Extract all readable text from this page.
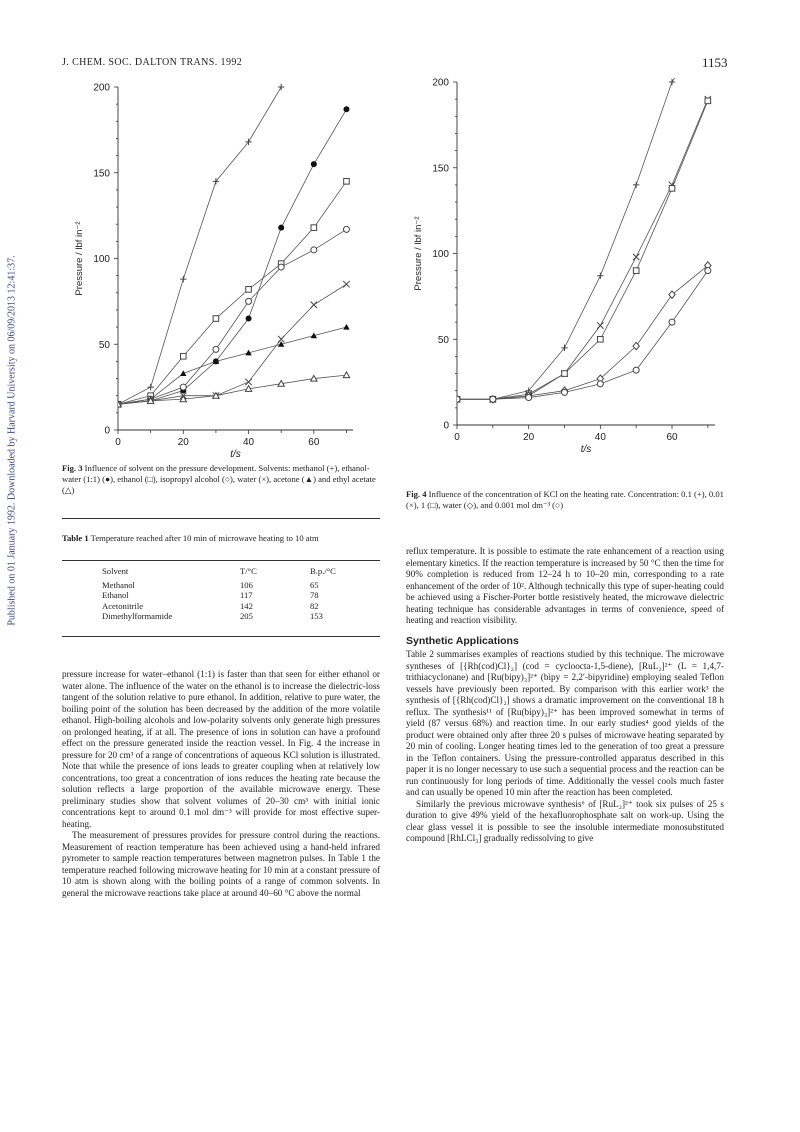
J. CHEM. SOC. DALTON TRANS. 1992	1153
Published on 01 January 1992. Downloaded by Harvard University on 06/09/2013 12:41:37.	0
50
100
150
200
0	20	40	60
t/s
Pressure / lbf in⁻²
Fig. 3 Influence of solvent on the pressure development. Solvents: methanol (+), ethanol-water (1:1) (●), ethanol (□), isopropyl alcohol (○), water (×), acetone (▲) and ethyl acetate (△)
Table 1 Temperature reached after 10 min of microwave heating to 10 atm
Solvent	T/°C	B.p./°C
Methanol	106	65
Ethanol	117	78
Acetonitrile	142	82
Dimethylformamide	205	153

pressure increase for water–ethanol (1:1) is faster than that seen for either ethanol or water alone. The influence of the water on the ethanol is to increase the dielectric-loss tangent of the solution relative to pure ethanol. In addition, relative to pure water, the boiling point of the solution has been decreased by the addition of the more volatile ethanol. High-boiling alcohols and low-polarity solvents only generate high pressures on prolonged heating, if at all. The presence of ions in solution can have a profound effect on the pressure generated inside the reaction vessel. In Fig. 4 the increase in pressure for 20 cm³ of a range of concentrations of aqueous KCl solution is illustrated. Note that while the presence of ions leads to greater coupling when at relatively low concentrations, too great a concentration of ions reduces the heating rate because the solution reflects a large proportion of the available microwave energy. These preliminary studies show that solvent volumes of 20–30 cm³ with initial ionic concentrations kept to around 0.1 mol dm⁻³ will provide for most effective super-heating.

The measurement of pressures provides for pressure control during the reactions. Measurement of reaction temperature has been achieved using a hand-held infrared pyrometer to sample reaction temperatures between magnetron pulses. In Table 1 the temperature reached following microwave heating for 10 min at a constant pressure of 10 atm is shown along with the boiling points of a range of common solvents. In general the microwave reactions take place at around 40–60 °C above the normal

0
50
100
150
200
0	20	40	60
t/s
Pressure / lbf in⁻²
Fig. 4 Influence of the concentration of KCl on the heating rate. Concentration: 0.1 (+), 0.01 (×), 1 (□), water (◇), and 0.001 mol dm⁻³ (○)

reflux temperature. It is possible to estimate the rate enhancement of a reaction using elementary kinetics. If the reaction temperature is increased by 50 °C then the time for 90% completion is reduced from 12–24 h to 10–20 min, corresponding to a rate enhancement of the order of 10². Although technically this type of super-heating could be achieved using a Fischer-Porter bottle resistively heated, the microwave dielectric heating technique has considerable advantages in terms of convenience, speed of heating and reaction visibility.

Synthetic Applications

Table 2 summarises examples of reactions studied by this technique. The microwave syntheses of [{Rh(cod)Cl}₂] (cod = cycloocta-1,5-diene), [RuL₂]²⁺ (L = 1,4,7-trithiacyclonane) and [Ru(bipy)₃]²⁺ (bipy = 2,2′-bipyridine) employing sealed Teflon vessels have previously been reported. By comparison with this earlier work³ the synthesis of [{Rh(cod)Cl}₂] shows a dramatic improvement on the conventional 18 h reflux. The synthesis¹¹ of [Ru(bipy)₃]²⁺ has been improved somewhat in terms of yield (87 versus 68%) and reaction time. In our early studies⁴ good yields of the product were obtained only after three 20 s pulses of microwave heating separated by 20 min of cooling. Longer heating times led to the generation of too great a pressure in the Teflon containers. Using the pressure-controlled apparatus described in this paper it is no longer necessary to use such a sequential process and the reaction can be run continuously for long periods of time. Additionally the vessel cools much faster and can usually be opened 10 min after the reaction has been completed.

Similarly the previous microwave synthesis⁶ of [RuL₂]²⁺ took six pulses of 25 s duration to give 49% yield of the hexafluorophosphate salt on work-up. Using the clear glass vessel it is possible to see the insoluble intermediate monosubstituted compound [RhLCl₃] gradually redissolving to give
